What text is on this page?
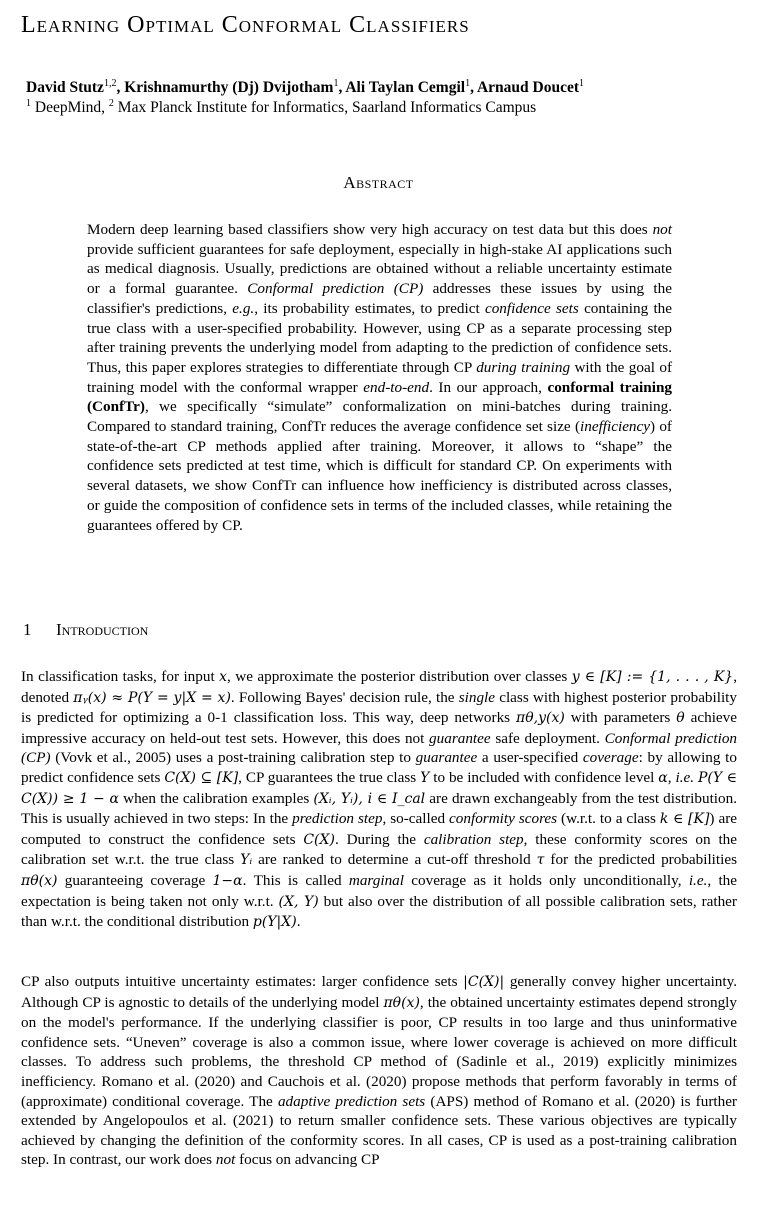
Learning Optimal Conformal Classifiers
David Stutz$^{1,2}$, Krishnamurthy (Dj) Dvijotham$^1$, Ali Taylan Cemgil$^1$, Arnaud Doucet$^1$
$^1$ DeepMind, $^2$ Max Planck Institute for Informatics, Saarland Informatics Campus
Abstract

Modern deep learning based classifiers show very high accuracy on test data but this does not provide sufficient guarantees for safe deployment, especially in high-stake AI applications such as medical diagnosis. Usually, predictions are obtained without a reliable uncertainty estimate or a formal guarantee. Conformal prediction (CP) addresses these issues by using the classifier's predictions, e.g., its probability estimates, to predict confidence sets containing the true class with a user-specified probability. However, using CP as a separate processing step after training prevents the underlying model from adapting to the prediction of confidence sets. Thus, this paper explores strategies to differentiate through CP during training with the goal of training model with the conformal wrapper end-to-end. In our approach, conformal training (ConfTr), we specifically “simulate” conformalization on mini-batches during training. Compared to standard training, ConfTr reduces the average confidence set size (inefficiency) of state-of-the-art CP methods applied after training. Moreover, it allows to “shape” the confidence sets predicted at test time, which is difficult for standard CP. On experiments with several datasets, we show ConfTr can influence how inefficiency is distributed across classes, or guide the composition of confidence sets in terms of the included classes, while retaining the guarantees offered by CP.

1 Introduction

In classification tasks, for input x, we approximate the posterior distribution over classes y ∈ [K] := {1, . . . , K}, denoted πᵧ(x) ≈ P(Y = y|X = x). Following Bayes' decision rule, the single class with highest posterior probability is predicted for optimizing a 0-1 classification loss. This way, deep networks πθ,y(x) with parameters θ achieve impressive accuracy on held-out test sets. However, this does not guarantee safe deployment. Conformal prediction (CP) (Vovk et al., 2005) uses a post-training calibration step to guarantee a user-specified coverage: by allowing to predict confidence sets C(X) ⊆ [K], CP guarantees the true class Y to be included with confidence level α, i.e. P(Y ∈ C(X)) ≥ 1 − α when the calibration examples (Xᵢ, Yᵢ), i ∈ I_cal are drawn exchangeably from the test distribution. This is usually achieved in two steps: In the prediction step, so-called conformity scores (w.r.t. to a class k ∈ [K]) are computed to construct the confidence sets C(X). During the calibration step, these conformity scores on the calibration set w.r.t. the true class Yᵢ are ranked to determine a cut-off threshold τ for the predicted probabilities πθ(x) guaranteeing coverage 1−α. This is called marginal coverage as it holds only unconditionally, i.e., the expectation is being taken not only w.r.t. (X, Y) but also over the distribution of all possible calibration sets, rather than w.r.t. the conditional distribution p(Y|X).

CP also outputs intuitive uncertainty estimates: larger confidence sets |C(X)| generally convey higher uncertainty. Although CP is agnostic to details of the underlying model πθ(x), the obtained uncertainty estimates depend strongly on the model's performance. If the underlying classifier is poor, CP results in too large and thus uninformative confidence sets. “Uneven” coverage is also a common issue, where lower coverage is achieved on more difficult classes. To address such problems, the threshold CP method of (Sadinle et al., 2019) explicitly minimizes inefficiency. Romano et al. (2020) and Cauchois et al. (2020) propose methods that perform favorably in terms of (approximate) conditional coverage. The adaptive prediction sets (APS) method of Romano et al. (2020) is further extended by Angelopoulos et al. (2021) to return smaller confidence sets. These various objectives are typically achieved by changing the definition of the conformity scores. In all cases, CP is used as a post-training calibration step. In contrast, our work does not focus on advancing CP
